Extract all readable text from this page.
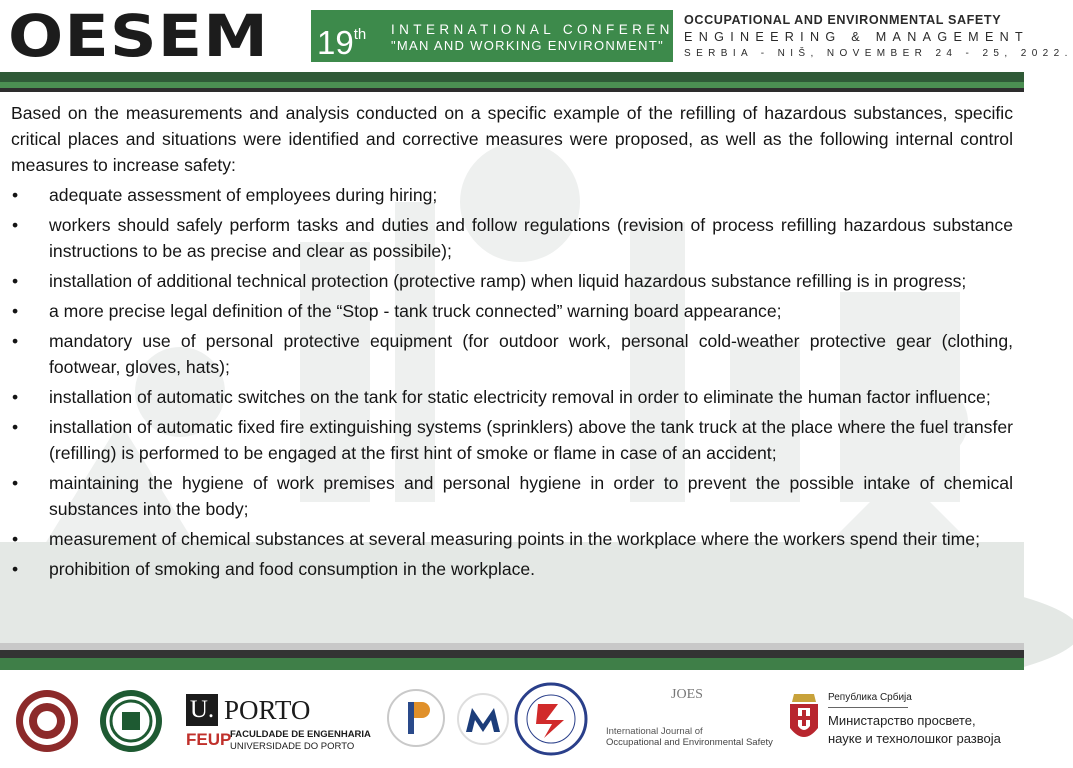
OESEM 19th INTERNATIONAL CONFERENCE
"MAN AND WORKING ENVIRONMENT"
OCCUPATIONAL AND ENVIRONMENTAL SAFETY
ENGINEERING & MANAGEMENT
SERBIA - NIŠ, NOVEMBER 24 - 25, 2022.

Based on the measurements and analysis conducted on a specific example of the refilling of hazardous substances, specific critical places and situations were identified and corrective measures were proposed, as well as the following internal control measures to increase safety:

• adequate assessment of employees during hiring;
• workers should safely perform tasks and duties and follow regulations (revision of process refilling hazardous substance instructions to be as precise and clear as possibile);
• installation of additional technical protection (protective ramp) when liquid hazardous substance refilling is in progress;
• a more precise legal definition of the “Stop - tank truck connected” warning board appearance;
• mandatory use of personal protective equipment (for outdoor work, personal cold-weather protective gear (clothing, footwear, gloves, hats);
• installation of automatic switches on the tank for static electricity removal in order to eliminate the human factor influence;
• installation of automatic fixed fire extinguishing systems (sprinklers) above the tank truck at the place where the fuel transfer (refilling) is performed to be engaged at the first hint of smoke or flame in case of an accident;
• maintaining the hygiene of work premises and personal hygiene in order to prevent the possible intake of chemical substances into the body;
• measurement of chemical substances at several measuring points in the workplace where the workers spend their time;
• prohibition of smoking and food consumption in the workplace.
U. PORTO
FEUP
FACULDADE DE ENGENHARIA
UNIVERSIDADE DO PORTO
JOES
International Journal of
Occupational and Environmental Safety
Република Србија
Министарство просвете,
науке и технолошког развоја
